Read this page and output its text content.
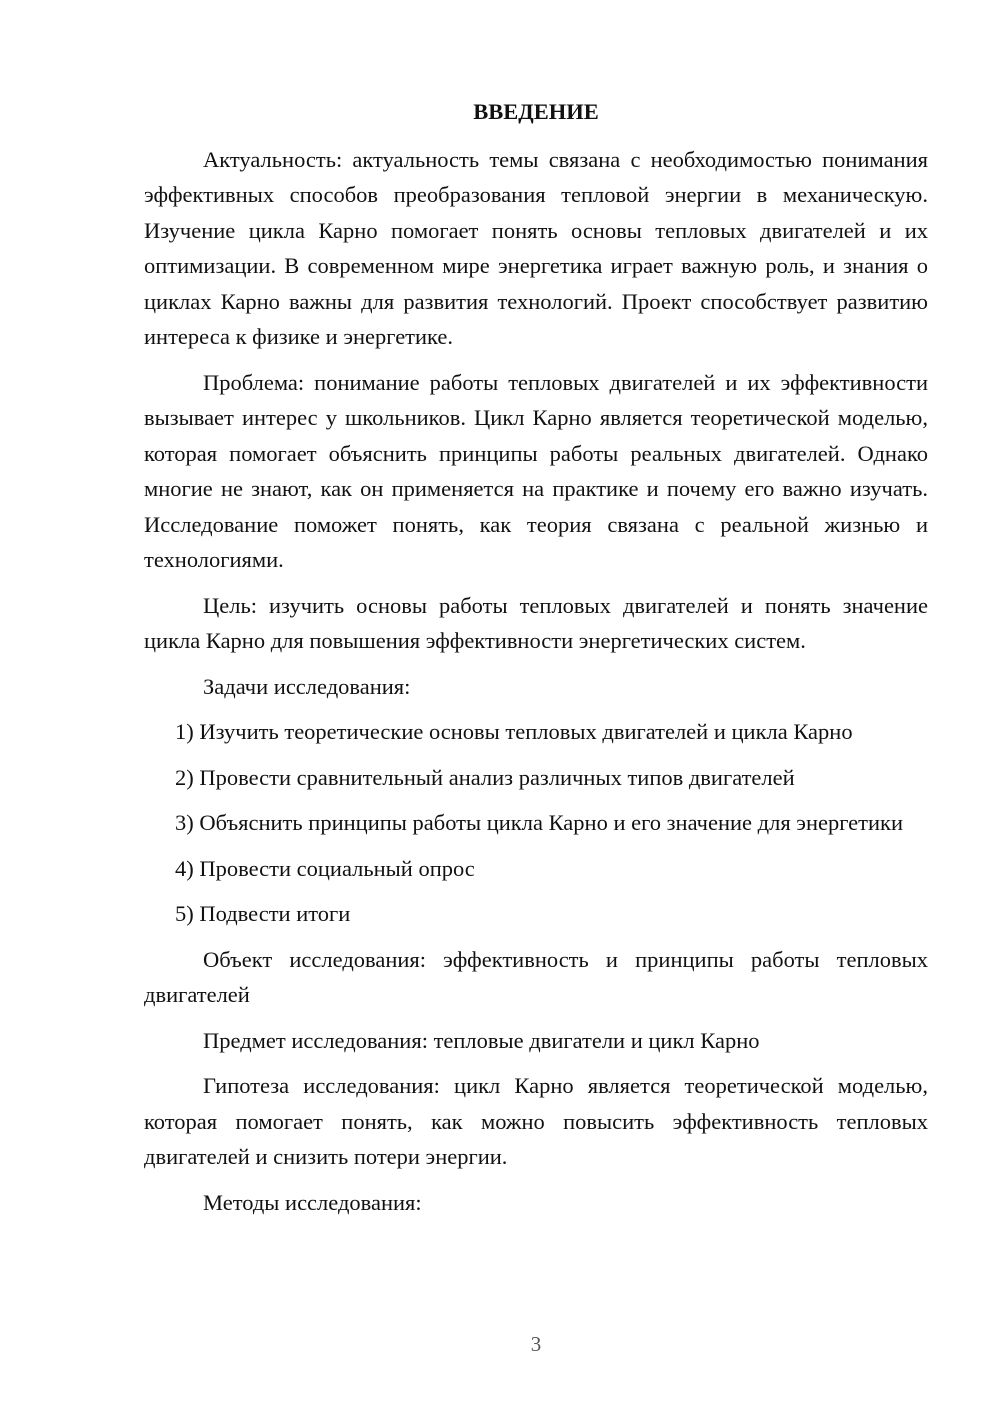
ВВЕДЕНИЕ

Актуальность: актуальность темы связана с необходимостью понимания эффективных способов преобразования тепловой энергии в механическую. Изучение цикла Карно помогает понять основы тепловых двигателей и их оптимизации. В современном мире энергетика играет важную роль, и знания о циклах Карно важны для развития технологий. Проект способствует развитию интереса к физике и энергетике.

Проблема: понимание работы тепловых двигателей и их эффективности вызывает интерес у школьников. Цикл Карно является теоретической моделью, которая помогает объяснить принципы работы реальных двигателей. Однако многие не знают, как он применяется на практике и почему его важно изучать. Исследование поможет понять, как теория связана с реальной жизнью и технологиями.

Цель: изучить основы работы тепловых двигателей и понять значение цикла Карно для повышения эффективности энергетических систем.

Задачи исследования:

1) Изучить теоретические основы тепловых двигателей и цикла Карно

2) Провести сравнительный анализ различных типов двигателей

3) Объяснить принципы работы цикла Карно и его значение для энергетики

4) Провести социальный опрос

5) Подвести итоги

Объект исследования: эффективность и принципы работы тепловых двигателей

Предмет исследования: тепловые двигатели и цикл Карно

Гипотеза исследования: цикл Карно является теоретической моделью, которая помогает понять, как можно повысить эффективность тепловых двигателей и снизить потери энергии.

Методы исследования:

3
